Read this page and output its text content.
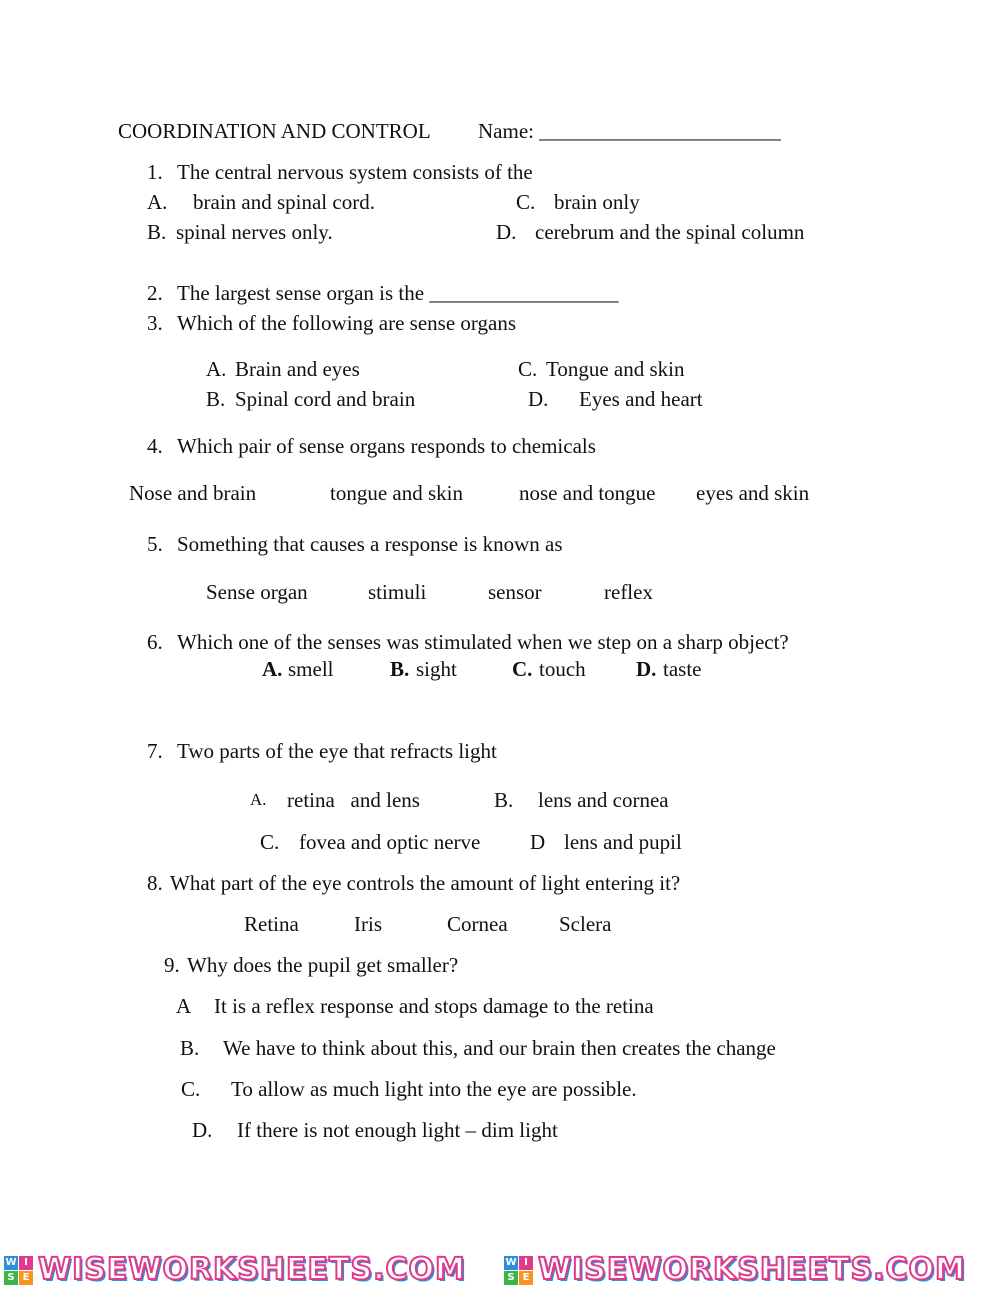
COORDINATION AND CONTROL Name: _______________________
1. The central nervous system consists of the
A. brain and spinal cord.	C. brain only
B. spinal nerves only.	D. cerebrum and the spinal column
2. The largest sense organ is the __________________
3. Which of the following are sense organs
A. Brain and eyes	C. Tongue and skin
B. Spinal cord and brain	D. Eyes and heart
4. Which pair of sense organs responds to chemicals
Nose and brain	tongue and skin	nose and tongue eyes and skin
5. Something that causes a response is known as
Sense organ	stimuli	sensor	reflex
6. Which one of the senses was stimulated when we step on a sharp object?
A. smell	B. sight	C. touch D. taste
7. Two parts of the eye that refracts light
A. retina   and lens	B. lens and cornea
C. fovea and optic nerve D lens and pupil
8. What part of the eye controls the amount of light entering it?
Retina	Iris	Cornea Sclera
9. Why does the pupil get smaller?
A It is a reflex response and stops damage to the retina
B. We have to think about this, and our brain then creates the change
C. To allow as much light into the eye are possible.
D. If there is not enough light – dim light
W I
S E WISEWORKSHEETS.COM	W I
S E WISEWORKSHEETS.COM
